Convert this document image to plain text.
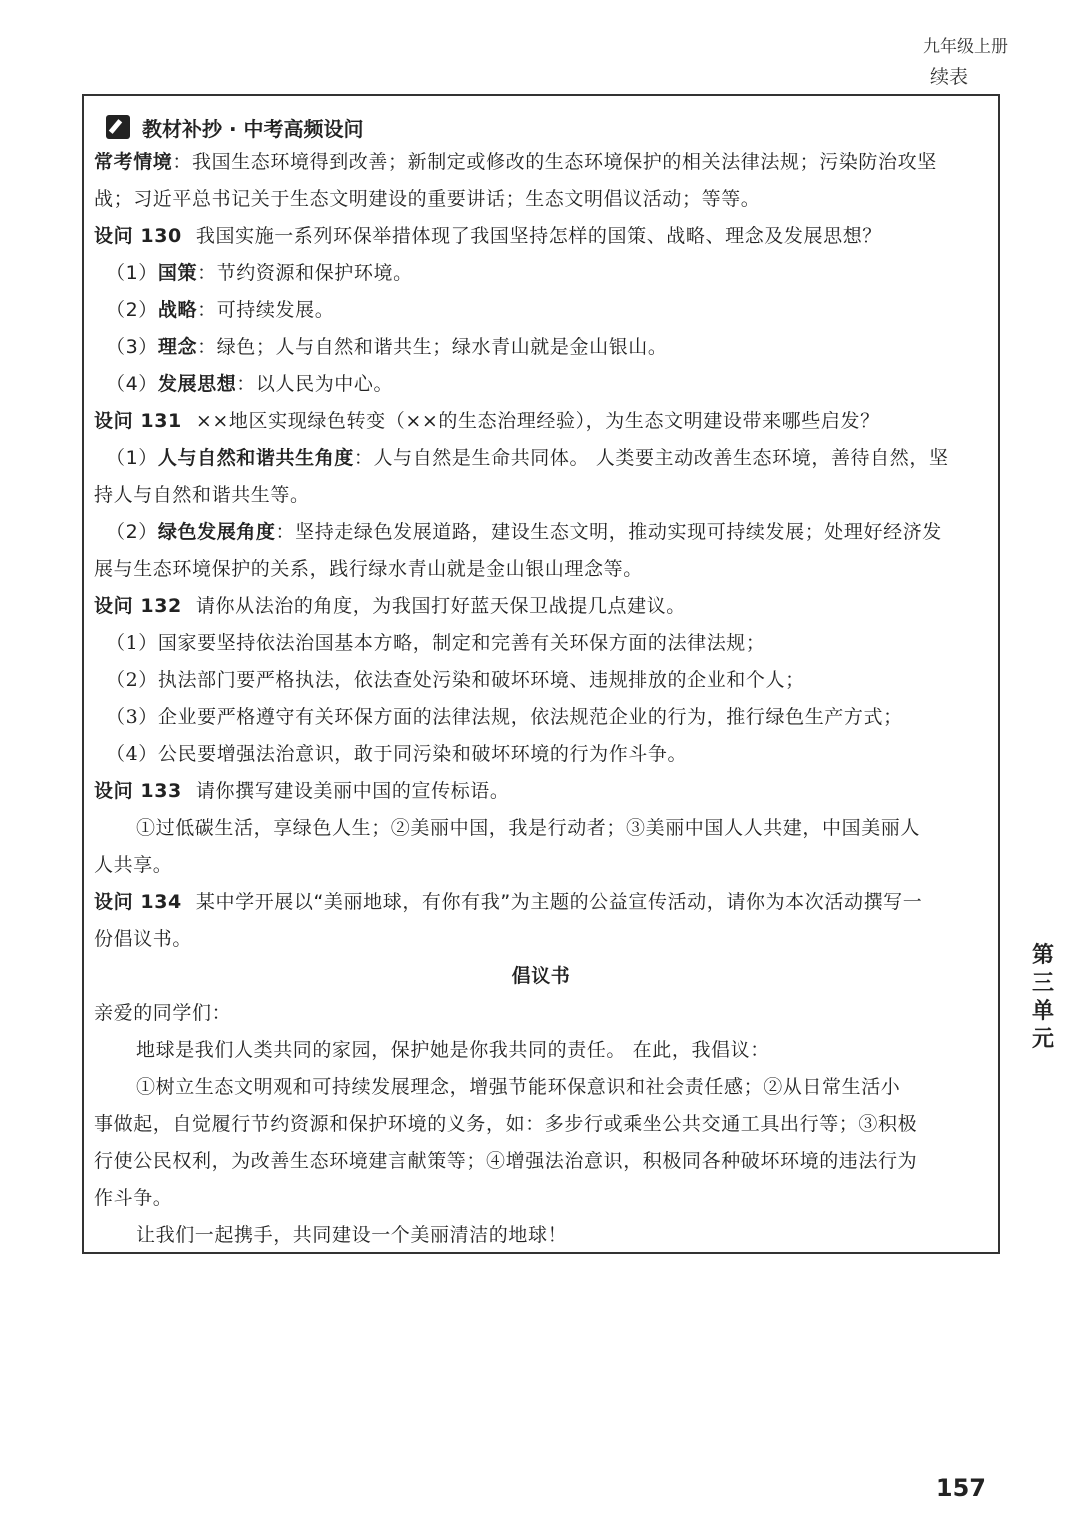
九年级上册
续表
教材补抄 · 中考高频设问
常考情境：我国生态环境得到改善；新制定或修改的生态环境保护的相关法律法规；污染防治攻坚
战；习近平总书记关于生态文明建设的重要讲话；生态文明倡议活动；等等。
设问 130 我国实施一系列环保举措体现了我国坚持怎样的国策、战略、理念及发展思想？
（1）国策：节约资源和保护环境。
（2）战略：可持续发展。
（3）理念：绿色；人与自然和谐共生；绿水青山就是金山银山。
（4）发展思想：以人民为中心。
设问 131 ××地区实现绿色转变（××的生态治理经验），为生态文明建设带来哪些启发？
（1）人与自然和谐共生角度：人与自然是生命共同体。 人类要主动改善生态环境，善待自然，坚
持人与自然和谐共生等。
（2）绿色发展角度：坚持走绿色发展道路，建设生态文明，推动实现可持续发展；处理好经济发
展与生态环境保护的关系，践行绿水青山就是金山银山理念等。
设问 132 请你从法治的角度，为我国打好蓝天保卫战提几点建议。
（1）国家要坚持依法治国基本方略，制定和完善有关环保方面的法律法规；
（2）执法部门要严格执法，依法查处污染和破坏环境、违规排放的企业和个人；
（3）企业要严格遵守有关环保方面的法律法规，依法规范企业的行为，推行绿色生产方式；
（4）公民要增强法治意识，敢于同污染和破坏环境的行为作斗争。
设问 133 请你撰写建设美丽中国的宣传标语。
①过低碳生活，享绿色人生；②美丽中国，我是行动者；③美丽中国人人共建，中国美丽人
人共享。
设问 134 某中学开展以“美丽地球，有你有我”为主题的公益宣传活动，请你为本次活动撰写一
份倡议书。
倡议书
亲爱的同学们：
地球是我们人类共同的家园，保护她是你我共同的责任。 在此，我倡议：
①树立生态文明观和可持续发展理念，增强节能环保意识和社会责任感；②从日常生活小
事做起，自觉履行节约资源和保护环境的义务，如：多步行或乘坐公共交通工具出行等；③积极
行使公民权利，为改善生态环境建言献策等；④增强法治意识，积极同各种破坏环境的违法行为
作斗争。
让我们一起携手，共同建设一个美丽清洁的地球！
第三单元
157
